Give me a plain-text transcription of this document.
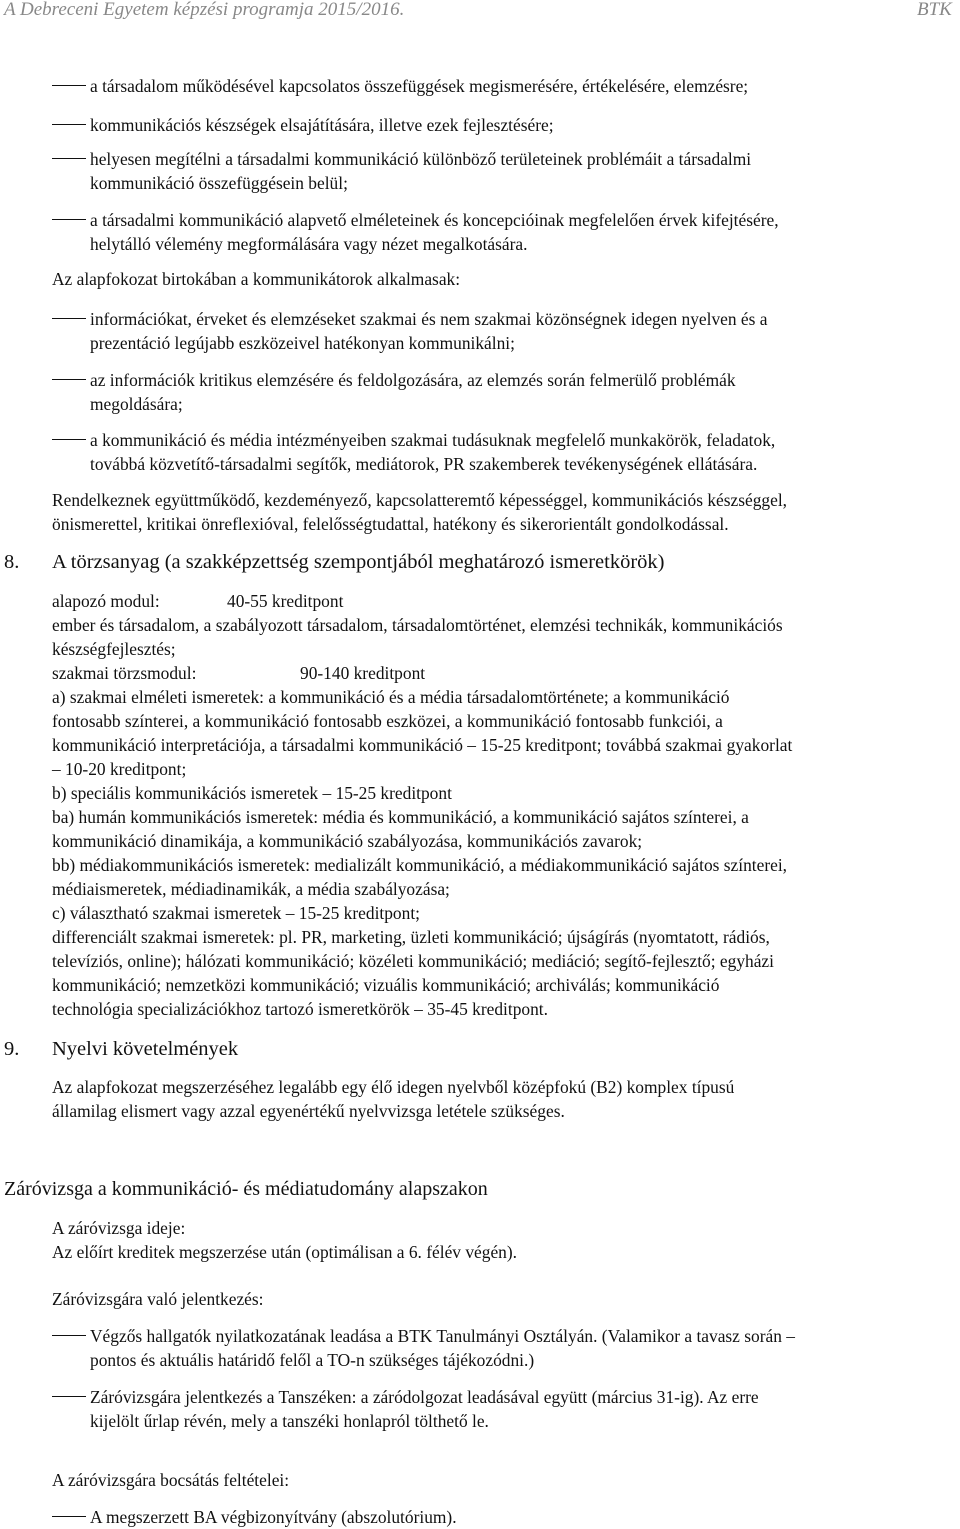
A Debreceni Egyetem képzési programja 2015/2016.	BTK
a társadalom működésével kapcsolatos összefüggések megismerésére, értékelésére, elemzésre;
kommunikációs készségek elsajátítására, illetve ezek fejlesztésére;
helyesen megítélni a társadalmi kommunikáció különböző területeinek problémáit a társadalmi
kommunikáció összefüggésein belül;
a társadalmi kommunikáció alapvető elméleteinek és koncepcióinak megfelelően érvek kifejtésére,
helytálló vélemény megformálására vagy nézet megalkotására.
Az alapfokozat birtokában a kommunikátorok alkalmasak:
információkat, érveket és elemzéseket szakmai és nem szakmai közönségnek idegen nyelven és a
prezentáció legújabb eszközeivel hatékonyan kommunikálni;
az információk kritikus elemzésére és feldolgozására, az elemzés során felmerülő problémák
megoldására;
a kommunikáció és média intézményeiben szakmai tudásuknak megfelelő munkakörök, feladatok,
továbbá közvetítő-társadalmi segítők, mediátorok, PR szakemberek tevékenységének ellátására.
Rendelkeznek együttműködő, kezdeményező, kapcsolatteremtő képességgel, kommunikációs készséggel,
önismerettel, kritikai önreflexióval, felelősségtudattal, hatékony és sikerorientált gondolkodással.
8. A törzsanyag (a szakképzettség szempontjából meghatározó ismeretkörök)
alapozó modul:	40-55 kreditpont
ember és társadalom, a szabályozott társadalom, társadalomtörténet, elemzési technikák, kommunikációs
készségfejlesztés;
szakmai törzsmodul:	90-140 kreditpont
a) szakmai elméleti ismeretek: a kommunikáció és a média társadalomtörténete; a kommunikáció
fontosabb színterei, a kommunikáció fontosabb eszközei, a kommunikáció fontosabb funkciói, a
kommunikáció interpretációja, a társadalmi kommunikáció – 15-25 kreditpont; továbbá szakmai gyakorlat
– 10-20 kreditpont;
b) speciális kommunikációs ismeretek – 15-25 kreditpont
ba) humán kommunikációs ismeretek: média és kommunikáció, a kommunikáció sajátos színterei, a
kommunikáció dinamikája, a kommunikáció szabályozása, kommunikációs zavarok;
bb) médiakommunikációs ismeretek: medializált kommunikáció, a médiakommunikáció sajátos színterei,
médiaismeretek, médiadinamikák, a média szabályozása;
c) választható szakmai ismeretek – 15-25 kreditpont;
differenciált szakmai ismeretek: pl. PR, marketing, üzleti kommunikáció; újságírás (nyomtatott, rádiós,
televíziós, online); hálózati kommunikáció; közéleti kommunikáció; mediáció; segítő-fejlesztő; egyházi
kommunikáció; nemzetközi kommunikáció; vizuális kommunikáció; archiválás; kommunikáció
technológia specializációkhoz tartozó ismeretkörök – 35-45 kreditpont.
9. Nyelvi követelmények
Az alapfokozat megszerzéséhez legalább egy élő idegen nyelvből középfokú (B2) komplex típusú
államilag elismert vagy azzal egyenértékű nyelvvizsga letétele szükséges.
Záróvizsga a kommunikáció- és médiatudomány alapszakon
A záróvizsga ideje:
Az előírt kreditek megszerzése után (optimálisan a 6. félév végén).
Záróvizsgára való jelentkezés:
Végzős hallgatók nyilatkozatának leadása a BTK Tanulmányi Osztályán. (Valamikor a tavasz során –
pontos és aktuális határidő felől a TO-n szükséges tájékozódni.)
Záróvizsgára jelentkezés a Tanszéken: a záródolgozat leadásával együtt (március 31-ig). Az erre
kijelölt űrlap révén, mely a tanszéki honlapról tölthető le.
A záróvizsgára bocsátás feltételei:
A megszerzett BA végbizonyítvány (abszolutórium).
